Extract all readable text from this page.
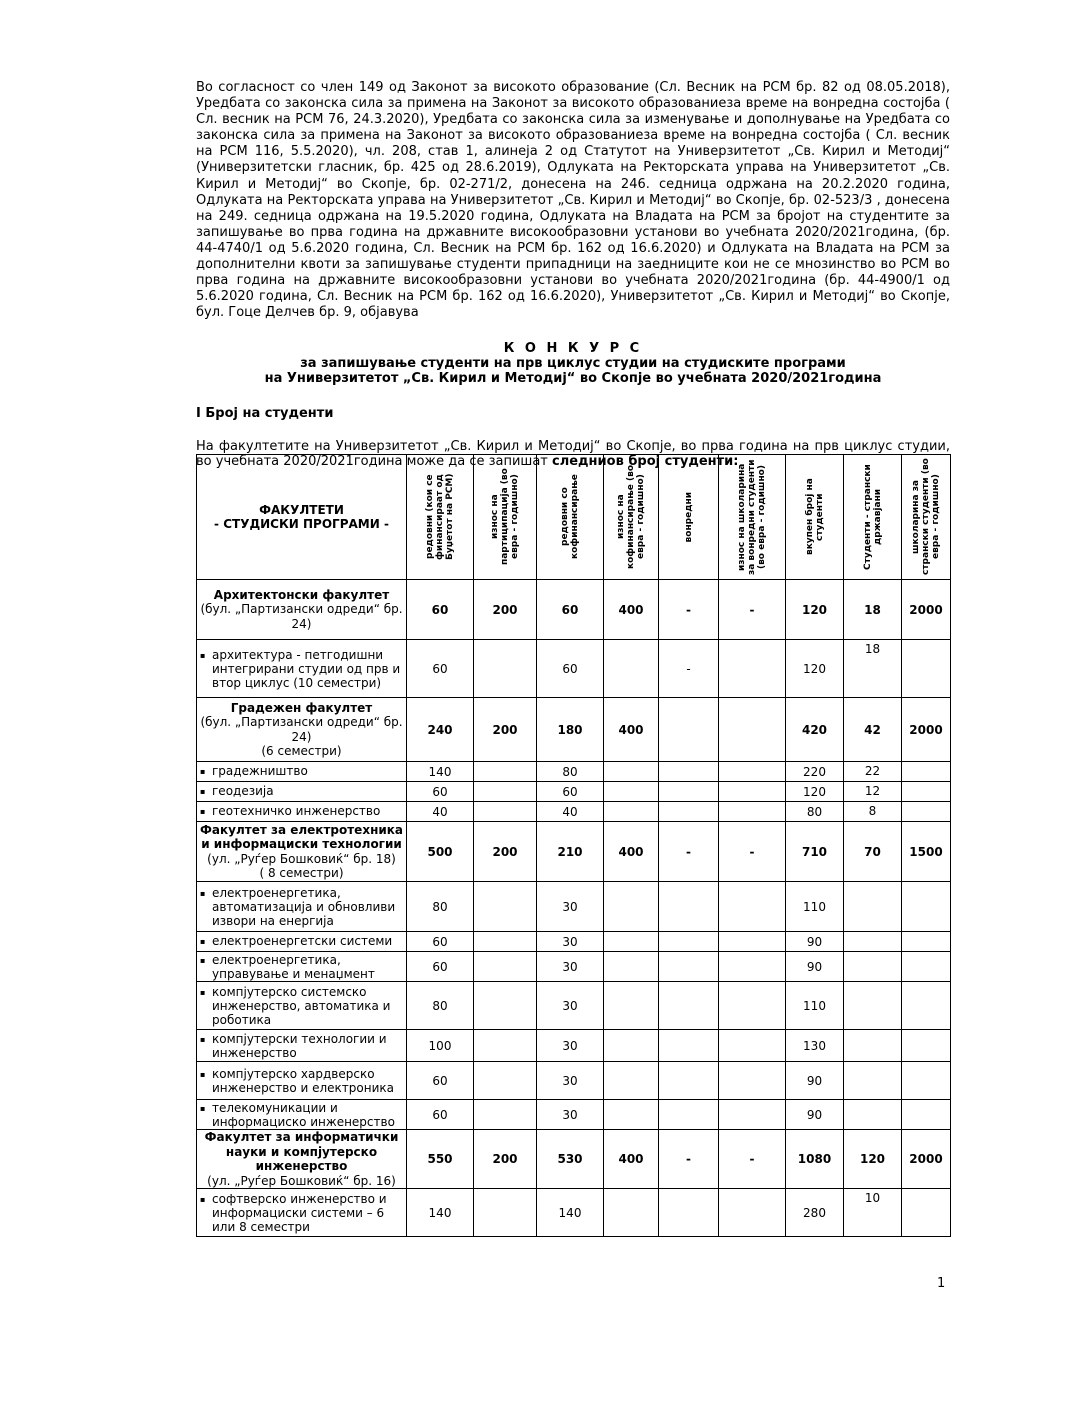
Во согласност со член 149 од Законот за високото образование (Сл. Весник на РСМ бр. 82 од 08.05.2018), Уредбата со законска сила за примена на Законот за високото образованиеза време на вонредна состојба ( Сл. весник на РСМ 76, 24.3.2020), Уредбата со законска сила за изменување и дополнување на Уредбата со законска сила за примена на Законот за високото образованиеза време на вонредна состојба ( Сл. весник на РСМ 116, 5.5.2020), чл. 208, став 1, алинеја 2 од Статутот на Универзитетот „Св. Кирил и Методиј“ (Универзитетски гласник, бр. 425 од 28.6.2019), Одлуката на Ректорската управа на Универзитетот „Св. Кирил и Методиј“ во Скопје, бр. 02-271/2, донесена на 246. седница одржана на 20.2.2020 година, Одлуката на Ректорската управа на Универзитетот „Св. Кирил и Методиј“ во Скопје, бр. 02-523/3 , донесена на 249. седница одржана на 19.5.2020 година, Одлуката на Владата на РСМ за бројот на студентите за запишување во прва година на државните високообразовни установи во учебната 2020/2021година, (бр. 44-4740/1 од 5.6.2020 година, Сл. Весник на РСМ бр. 162 од 16.6.2020) и Одлуката на Владата на РСМ за дополнителни квоти за запишување студенти припадници на заедниците кои не се мнозинство во РСМ во прва година на државните високообразовни установи во учебната 2020/2021година (бр. 44-4900/1 од 5.6.2020 година, Сл. Весник на РСМ бр. 162 од 16.6.2020), Универзитетот „Св. Кирил и Методиј“ во Скопје, бул. Гоце Делчев бр. 9, објавува

К О Н К У Р С
за запишување студенти на прв циклус студии на студиските програми
на Универзитетот „Св. Кирил и Методиј“ во Скопје во учебната 2020/2021година
I Број на студенти
На факултетите на Универзитетот „Св. Кирил и Методиј“ во Скопје, во прва година на прв циклус студии, во учебната 2020/2021година може да се запишат следниов број студенти:
ФАКУЛТЕТИ
- СТУДИСКИ ПРОГРАМИ -	редовни (кои се финансираат од Буџетот на РСМ)	износ на партиципација (во евра - годишно)	редовни со кофинансирање	износ на кофинансирање (во евра - годишно)	вонредни	износ на школарина за вонредни студенти (во евра - годишно)	вкупен број на студенти	Студенти - странски државјани	школарина за странски студенти (во евра - годишно)

Архитектонски факултет
(бул. „Партизански одреди“ бр. 24)	60	200	60	400	-	-	120	18	2000

▪ архитектура - петгодишни интегрирани студии од прв и втор циклус (10 семестри)	60		60		-		120	18	

Градежен факултет
(бул. „Партизански одреди“ бр. 24)
(6 семестри)	240	200	180	400			420	42	2000

▪ градежништво	140		80				220	22	

▪ геодезија	60		60				120	12	

▪ геотехничко инженерство	40		40				80	8	

Факултет за електротехника и информациски технологии
(ул. „Руѓер Бошковиќ“ бр. 18)
( 8 семестри)	500	200	210	400	-	-	710	70	1500

▪ електроенергетика, автоматизација и обновливи извори на енергија	80		30				110		

▪ електроенергетски системи	60		30				90		

▪ електроенергетика, управување и менаџмент	60		30				90		

▪ компјутерско системско инженерство, автоматика и роботика	80		30				110		

▪ компјутерски технологии и инженерство	100		30				130		

▪ компјутерско хардверско инженерство и електроника	60		30				90		

▪ телекомуникации и информациско инженерство	60		30				90		

Факултет за информатички науки и компјутерско инженерство
(ул. „Руѓер Бошковиќ“ бр. 16)	550	200	530	400	-	-	1080	120	2000

▪ софтверско инженерство и информациски системи – 6 или 8 семестри	140		140				280	10	
1
